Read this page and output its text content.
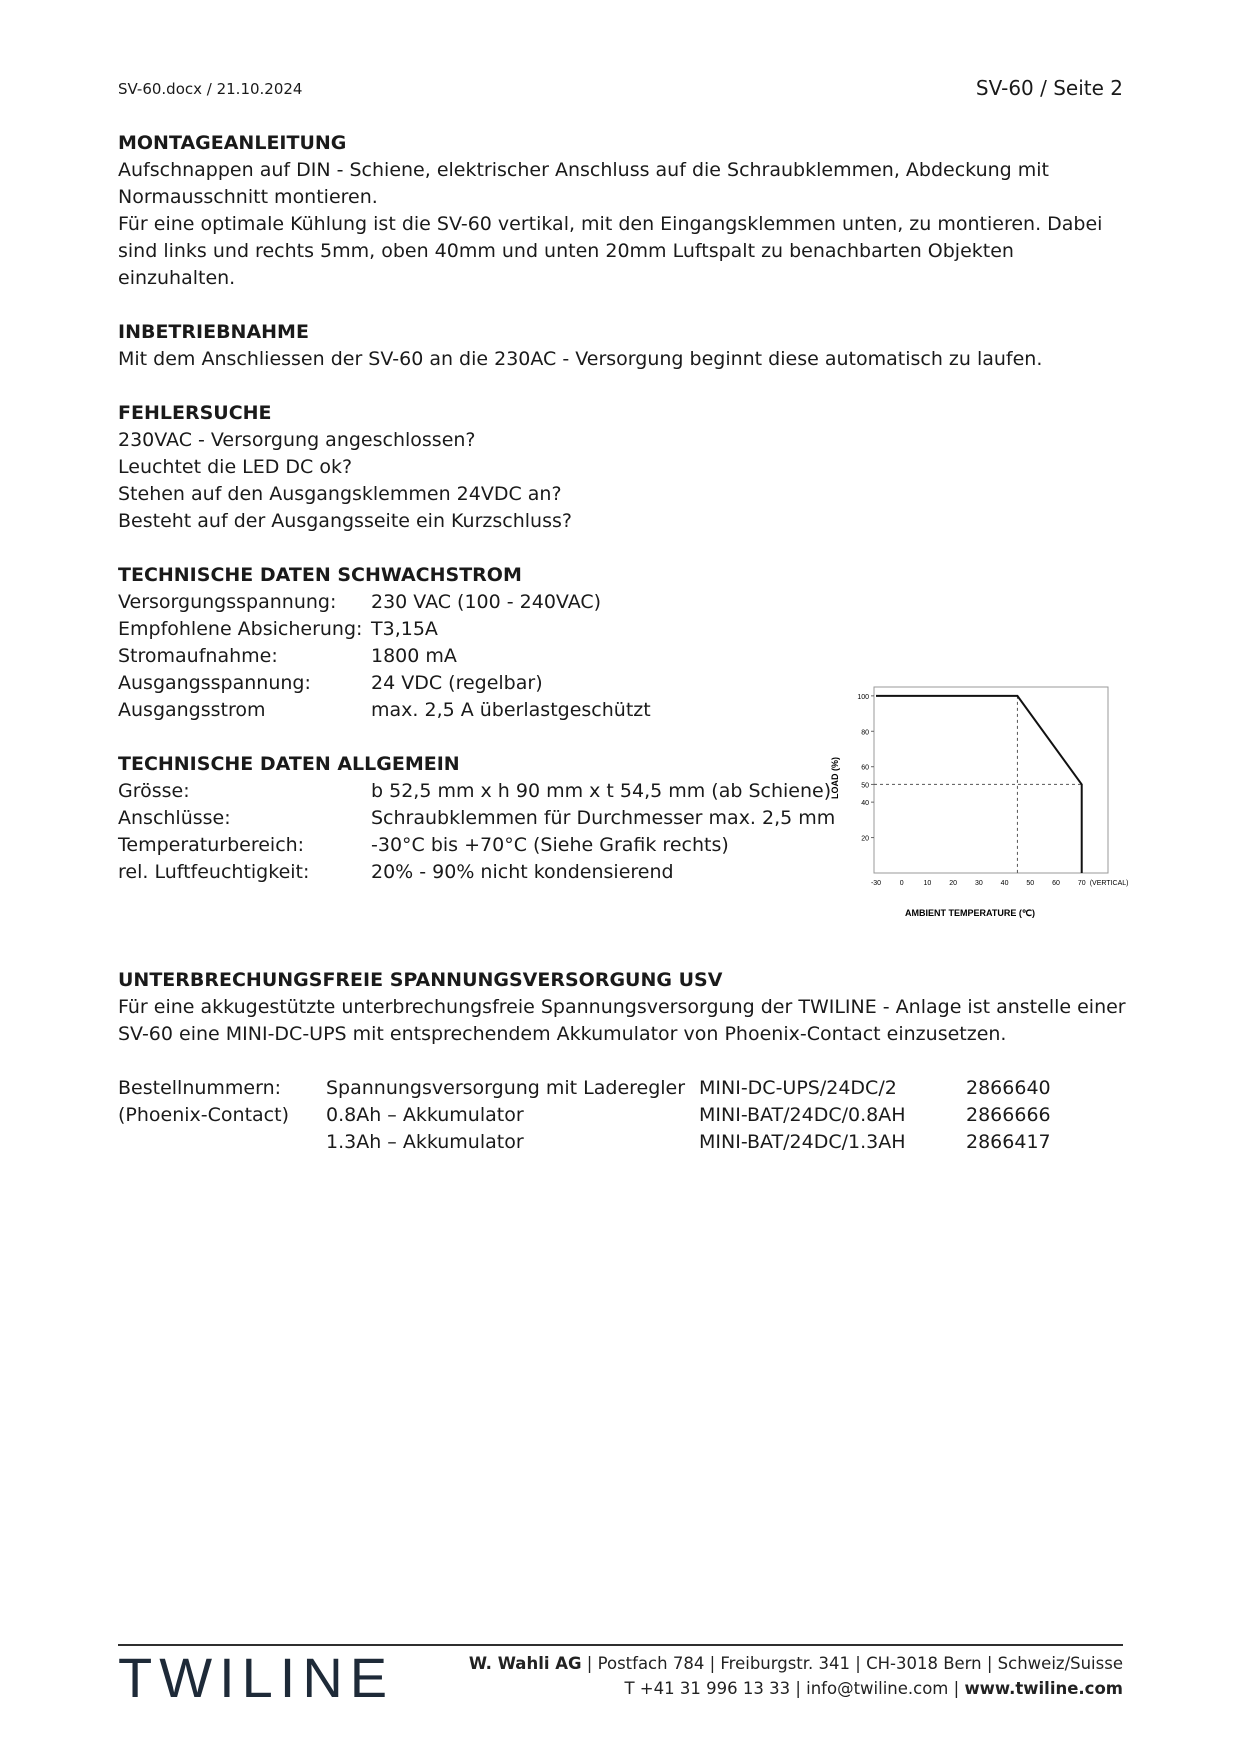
SV-60.docx / 21.10.2024	SV-60 / Seite 2
MONTAGEANLEITUNG

Aufschnappen auf DIN - Schiene, elektrischer Anschluss auf die Schraubklemmen, Abdeckung mit

Normausschnitt montieren.

Für eine optimale Kühlung ist die SV-60 vertikal, mit den Eingangsklemmen unten, zu montieren. Dabei

sind links und rechts 5mm, oben 40mm und unten 20mm Luftspalt zu benachbarten Objekten einzuhalten.

INBETRIEBNAHME

Mit dem Anschliessen der SV-60 an die 230AC - Versorgung beginnt diese automatisch zu laufen.

FEHLERSUCHE

230VAC - Versorgung angeschlossen?

Leuchtet die LED DC ok?

Stehen auf den Ausgangsklemmen 24VDC an?

Besteht auf der Ausgangsseite ein Kurzschluss?

TECHNISCHE DATEN SCHWACHSTROM
Versorgungsspannung:	230 VAC (100 - 240VAC)
Empfohlene Absicherung: T3,15A
Stromaufnahme:	1800 mA
Ausgangsspannung:	24 VDC (regelbar)
Ausgangsstrom	max. 2,5 A überlastgeschützt
TECHNISCHE DATEN ALLGEMEIN
Grösse:	b 52,5 mm x h 90 mm x t 54,5 mm (ab Schiene)
Anschlüsse:	Schraubklemmen für Durchmesser max. 2,5 mm
Temperaturbereich:	-30°C bis +70°C (Siehe Grafik rechts)
rel. Luftfeuchtigkeit:	20% - 90% nicht kondensierend
UNTERBRECHUNGSFREIE SPANNUNGSVERSORGUNG USV

Für eine akkugestützte unterbrechungsfreie Spannungsversorgung der TWILINE - Anlage ist anstelle einer

SV-60 eine MINI-DC-UPS mit entsprechendem Akkumulator von Phoenix-Contact einzusetzen.

Bestellnummern:	Spannungsversorgung mit Laderegler	MINI-DC-UPS/24DC/2	2866640
(Phoenix-Contact)	0.8Ah – Akkumulator	MINI-BAT/24DC/0.8AH	2866666
	1.3Ah – Akkumulator	MINI-BAT/24DC/1.3AH	2866417
100
80
60
50
40
20
-30	0	10	20	30	40	50	60	70 (VERTICAL)
LOAD (%)
AMBIENT TEMPERATURE (℃)
TWILINE	W. Wahli AG | Postfach 784 | Freiburgstr. 341 | CH-3018 Bern | Schweiz/Suisse
T +41 31 996 13 33 | info@twiline.com | www.twiline.com
